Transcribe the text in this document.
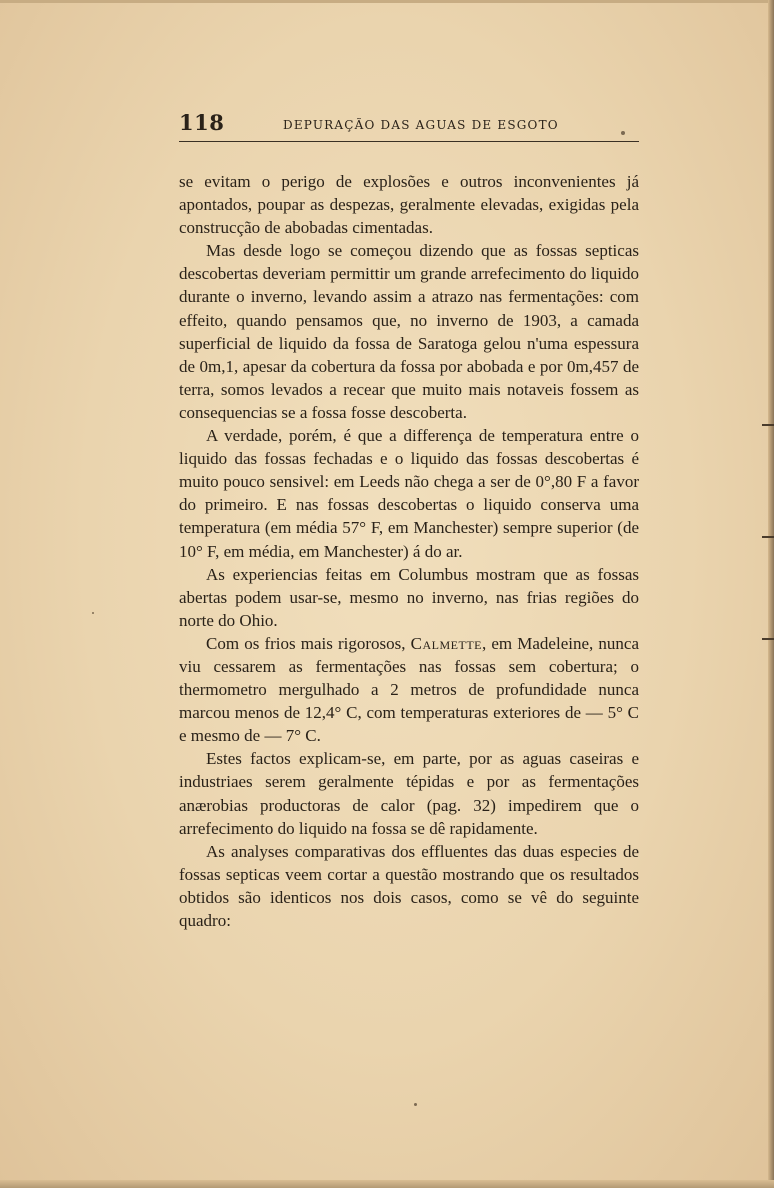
118	DEPURAÇÃO DAS AGUAS DE ESGOTO

se evitam o perigo de explosões e outros inconvenientes já apontados, poupar as despezas, geralmente elevadas, exigidas pela construcção de abobadas cimentadas.

Mas desde logo se começou dizendo que as fossas septicas descobertas deveriam permittir um grande arrefecimento do liquido durante o inverno, levando assim a atrazo nas fermentações: com effeito, quando pensamos que, no inverno de 1903, a camada superficial de liquido da fossa de Saratoga gelou n'uma espessura de 0m,1, apesar da cobertura da fossa por abobada e por 0m,457 de terra, somos levados a recear que muito mais notaveis fossem as consequencias se a fossa fosse descoberta.

A verdade, porém, é que a differença de temperatura entre o liquido das fossas fechadas e o liquido das fossas descobertas é muito pouco sensivel: em Leeds não chega a ser de 0°,80 F a favor do primeiro. E nas fossas descobertas o liquido conserva uma temperatura (em média 57° F, em Manchester) sempre superior (de 10° F, em média, em Manchester) á do ar.

As experiencias feitas em Columbus mostram que as fossas abertas podem usar-se, mesmo no inverno, nas frias regiões do norte do Ohio.

Com os frios mais rigorosos, Calmette, em Madeleine, nunca viu cessarem as fermentações nas fossas sem cobertura; o thermometro mergulhado a 2 metros de profundidade nunca marcou menos de 12,4° C, com temperaturas exteriores de — 5° C e mesmo de — 7° C.

Estes factos explicam-se, em parte, por as aguas caseiras e industriaes serem geralmente tépidas e por as fermentações anærobias productoras de calor (pag. 32) impedirem que o arrefecimento do liquido na fossa se dê rapidamente.

As analyses comparativas dos effluentes das duas especies de fossas septicas veem cortar a questão mostrando que os resultados obtidos são identicos nos dois casos, como se vê do seguinte quadro:
